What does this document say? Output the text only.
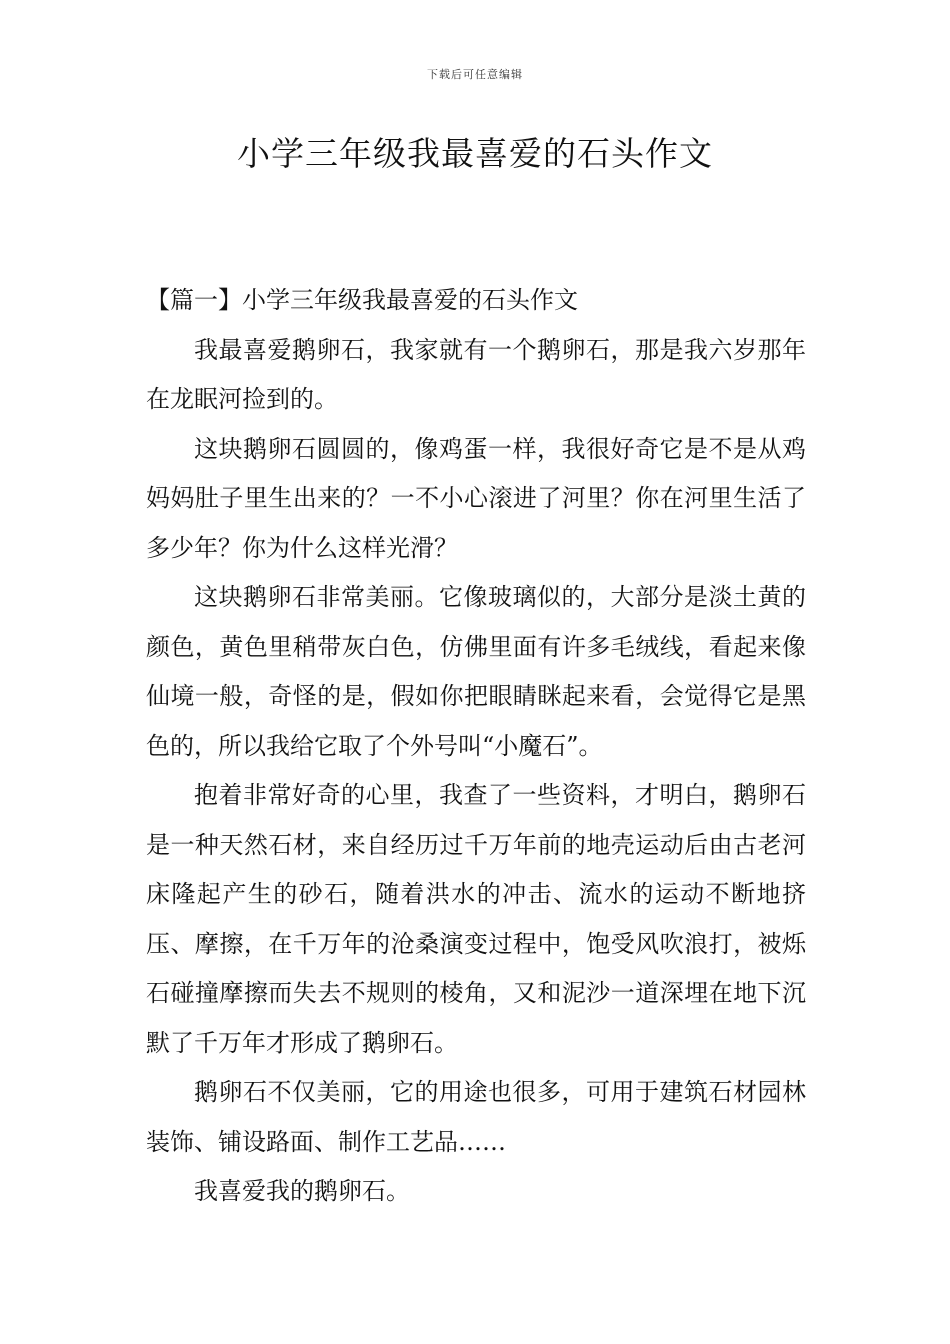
下载后可任意编辑
小学三年级我最喜爱的石头作文
【篇一】小学三年级我最喜爱的石头作文

我最喜爱鹅卵石，我家就有一个鹅卵石，那是我六岁那年在龙眠河捡到的。

这块鹅卵石圆圆的，像鸡蛋一样，我很好奇它是不是从鸡妈妈肚子里生出来的？一不小心滚进了河里？你在河里生活了多少年？你为什么这样光滑？

这块鹅卵石非常美丽。它像玻璃似的，大部分是淡土黄的颜色，黄色里稍带灰白色，仿佛里面有许多毛绒线，看起来像仙境一般，奇怪的是，假如你把眼睛眯起来看，会觉得它是黑色的，所以我给它取了个外号叫“小魔石”。

抱着非常好奇的心里，我查了一些资料，才明白，鹅卵石是一种天然石材，来自经历过千万年前的地壳运动后由古老河床隆起产生的砂石，随着洪水的冲击、流水的运动不断地挤压、摩擦，在千万年的沧桑演变过程中，饱受风吹浪打，被烁石碰撞摩擦而失去不规则的棱角，又和泥沙一道深埋在地下沉默了千万年才形成了鹅卵石。

鹅卵石不仅美丽，它的用途也很多，可用于建筑石材园林装饰、铺设路面、制作工艺品……

我喜爱我的鹅卵石。
